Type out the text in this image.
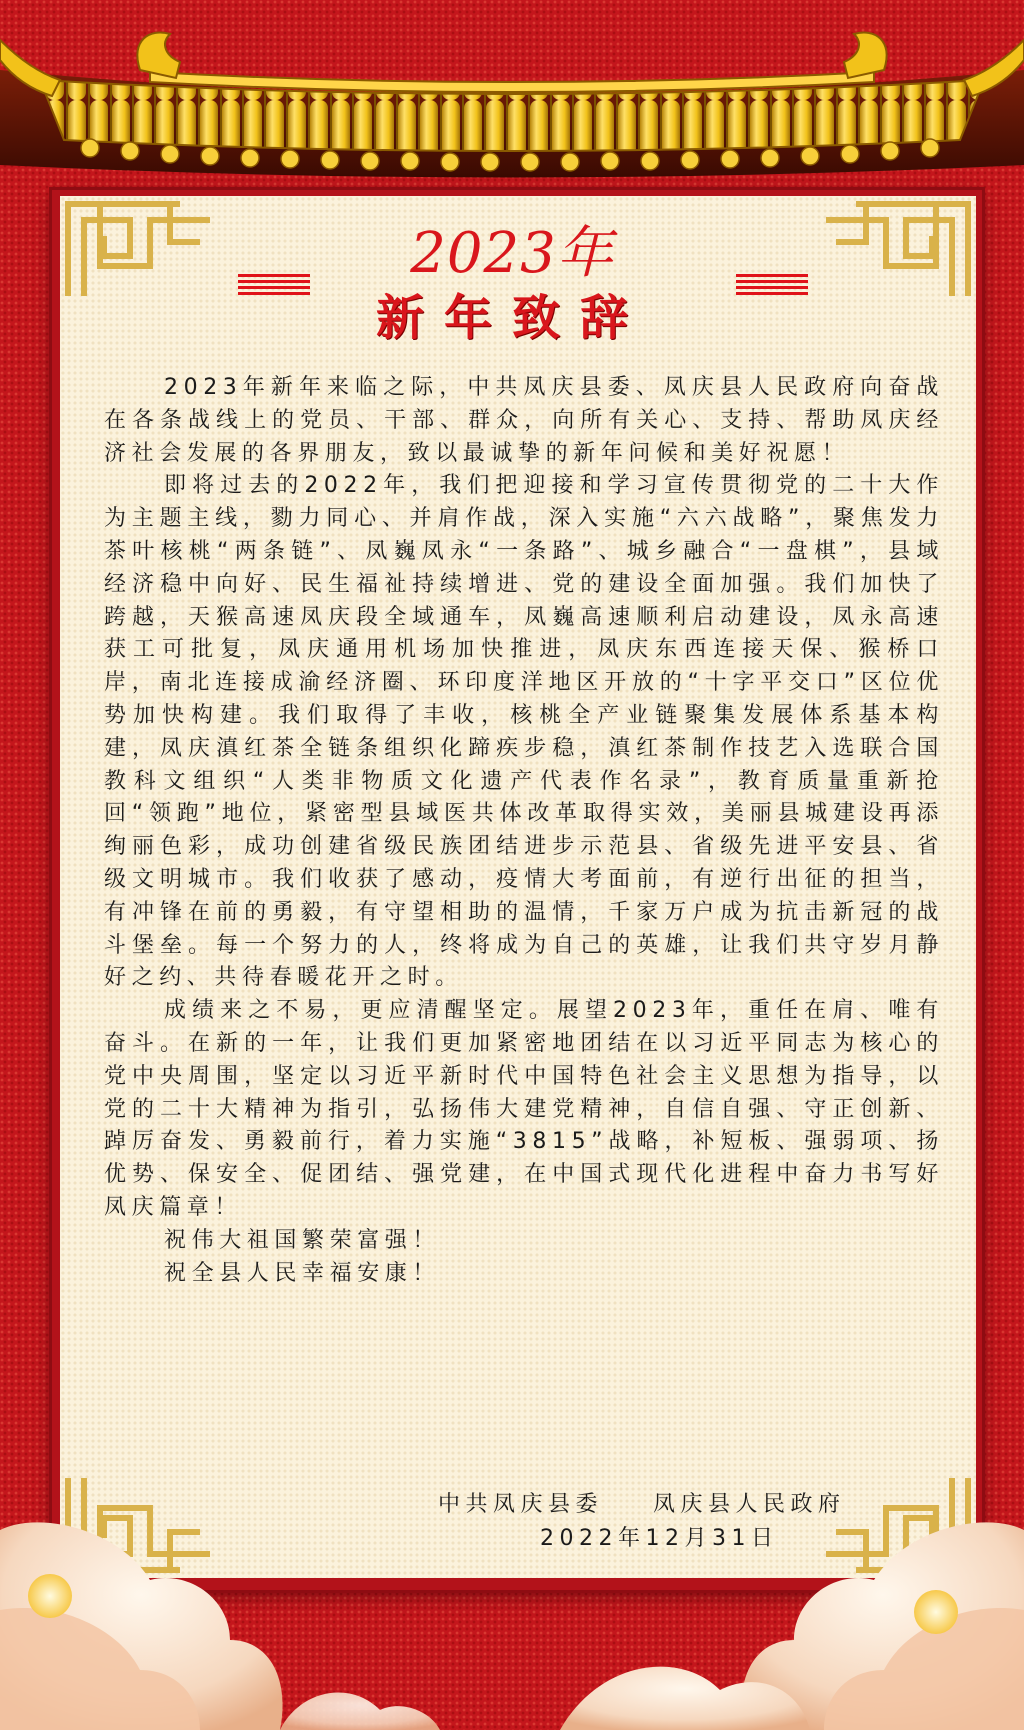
2023年
新年致辞

2023年新年来临之际，中共凤庆县委、凤庆县人民政府向奋战在各条战线上的党员、干部、群众，向所有关心、支持、帮助凤庆经济社会发展的各界朋友，致以最诚挚的新年问候和美好祝愿！

即将过去的2022年，我们把迎接和学习宣传贯彻党的二十大作为主题主线，勠力同心、并肩作战，深入实施“六六战略”，聚焦发力茶叶核桃“两条链”、凤巍凤永“一条路”、城乡融合“一盘棋”，县域经济稳中向好、民生福祉持续增进、党的建设全面加强。我们加快了跨越，天猴高速凤庆段全域通车，凤巍高速顺利启动建设，凤永高速获工可批复，凤庆通用机场加快推进，凤庆东西连接天保、猴桥口岸，南北连接成渝经济圈、环印度洋地区开放的“十字平交口”区位优势加快构建。我们取得了丰收，核桃全产业链聚集发展体系基本构建，凤庆滇红茶全链条组织化蹄疾步稳，滇红茶制作技艺入选联合国教科文组织“人类非物质文化遗产代表作名录”，教育质量重新抢回“领跑”地位，紧密型县域医共体改革取得实效，美丽县城建设再添绚丽色彩，成功创建省级民族团结进步示范县、省级先进平安县、省级文明城市。我们收获了感动，疫情大考面前，有逆行出征的担当，有冲锋在前的勇毅，有守望相助的温情，千家万户成为抗击新冠的战斗堡垒。每一个努力的人，终将成为自己的英雄，让我们共守岁月静好之约、共待春暖花开之时。

成绩来之不易，更应清醒坚定。展望2023年，重任在肩、唯有奋斗。在新的一年，让我们更加紧密地团结在以习近平同志为核心的党中央周围，坚定以习近平新时代中国特色社会主义思想为指导，以党的二十大精神为指引，弘扬伟大建党精神，自信自强、守正创新、踔厉奋发、勇毅前行，着力实施“3815”战略，补短板、强弱项、扬优势、保安全、促团结、强党建，在中国式现代化进程中奋力书写好凤庆篇章！

祝伟大祖国繁荣富强！

祝全县人民幸福安康！

中共凤庆县委    凤庆县人民政府
2022年12月31日
